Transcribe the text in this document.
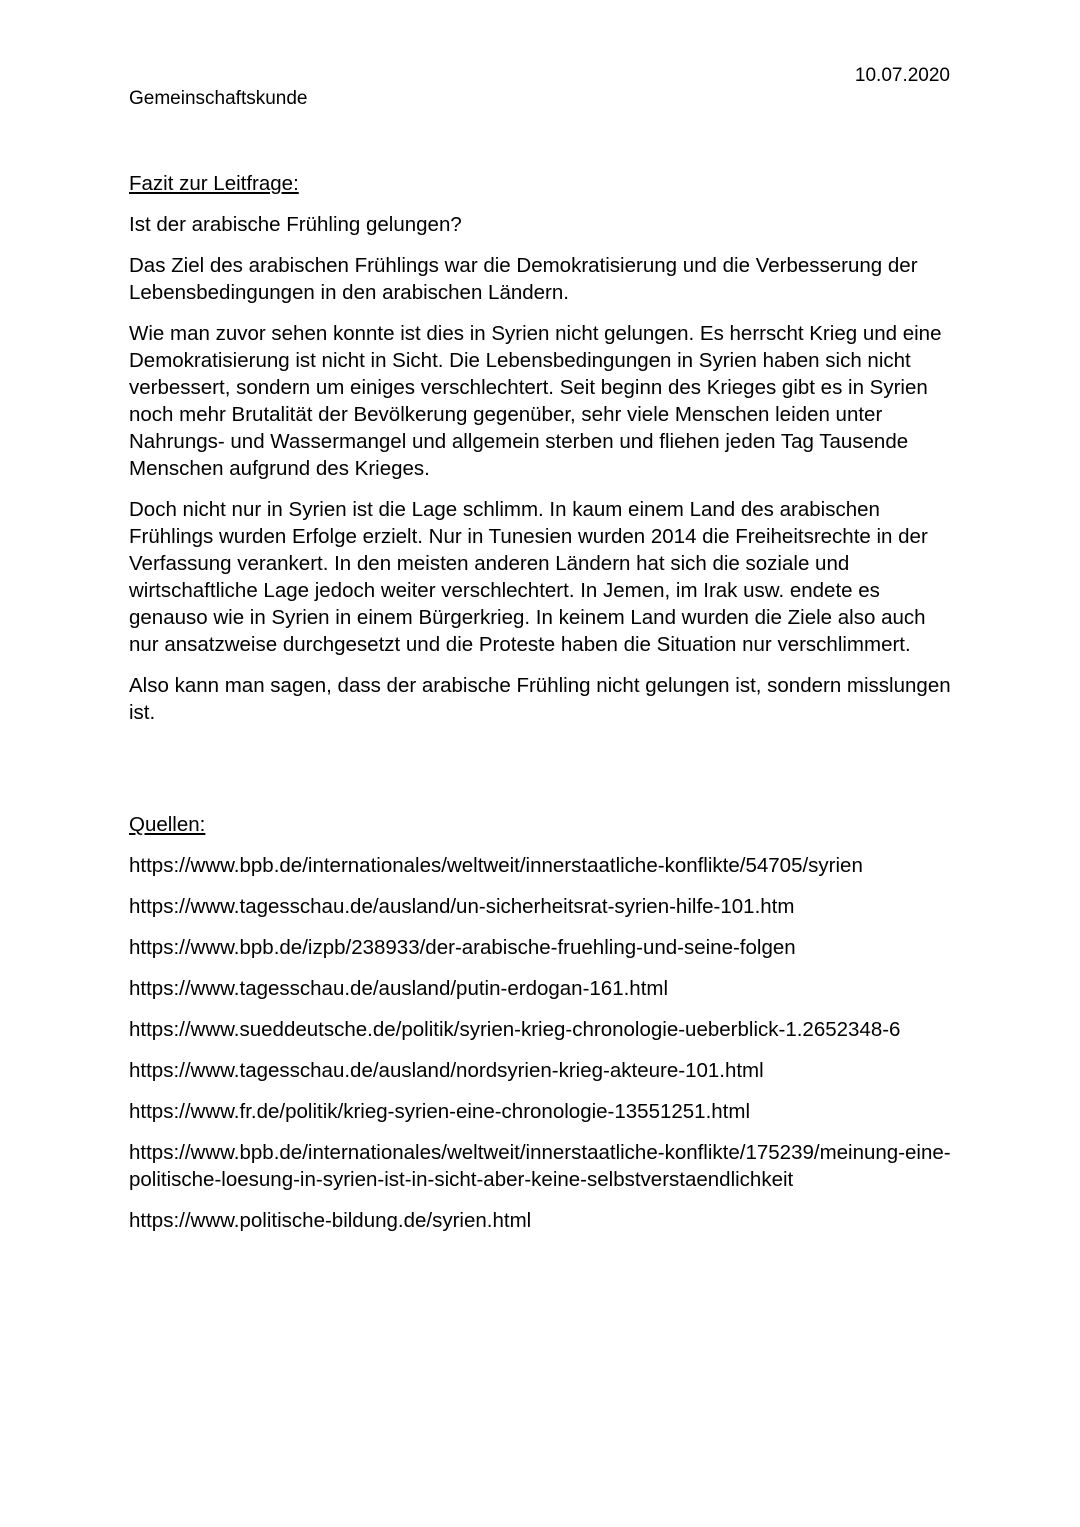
10.07.2020
Gemeinschaftskunde
Fazit zur Leitfrage:
Ist der arabische Frühling gelungen?

Das Ziel des arabischen Frühlings war die Demokratisierung und die Verbesserung der Lebensbedingungen in den arabischen Ländern.

Wie man zuvor sehen konnte ist dies in Syrien nicht gelungen. Es herrscht Krieg und eine Demokratisierung ist nicht in Sicht. Die Lebensbedingungen in Syrien haben sich nicht verbessert, sondern um einiges verschlechtert. Seit beginn des Krieges gibt es in Syrien noch mehr Brutalität der Bevölkerung gegenüber, sehr viele Menschen leiden unter Nahrungs- und Wassermangel und allgemein sterben und fliehen jeden Tag Tausende Menschen aufgrund des Krieges.

Doch nicht nur in Syrien ist die Lage schlimm. In kaum einem Land des arabischen Frühlings wurden Erfolge erzielt. Nur in Tunesien wurden 2014 die Freiheitsrechte in der Verfassung verankert. In den meisten anderen Ländern hat sich die soziale und wirtschaftliche Lage jedoch weiter verschlechtert. In Jemen, im Irak usw. endete es genauso wie in Syrien in einem Bürgerkrieg. In keinem Land wurden die Ziele also auch nur ansatzweise durchgesetzt und die Proteste haben die Situation nur verschlimmert.

Also kann man sagen, dass der arabische Frühling nicht gelungen ist, sondern misslungen ist.

Quellen:
https://www.bpb.de/internationales/weltweit/innerstaatliche-konflikte/54705/syrien
https://www.tagesschau.de/ausland/un-sicherheitsrat-syrien-hilfe-101.htm
https://www.bpb.de/izpb/238933/der-arabische-fruehling-und-seine-folgen
https://www.tagesschau.de/ausland/putin-erdogan-161.html
https://www.sueddeutsche.de/politik/syrien-krieg-chronologie-ueberblick-1.2652348-6
https://www.tagesschau.de/ausland/nordsyrien-krieg-akteure-101.html
https://www.fr.de/politik/krieg-syrien-eine-chronologie-13551251.html
https://www.bpb.de/internationales/weltweit/innerstaatliche-konflikte/175239/meinung-eine-politische-loesung-in-syrien-ist-in-sicht-aber-keine-selbstverstaendlichkeit
https://www.politische-bildung.de/syrien.html
